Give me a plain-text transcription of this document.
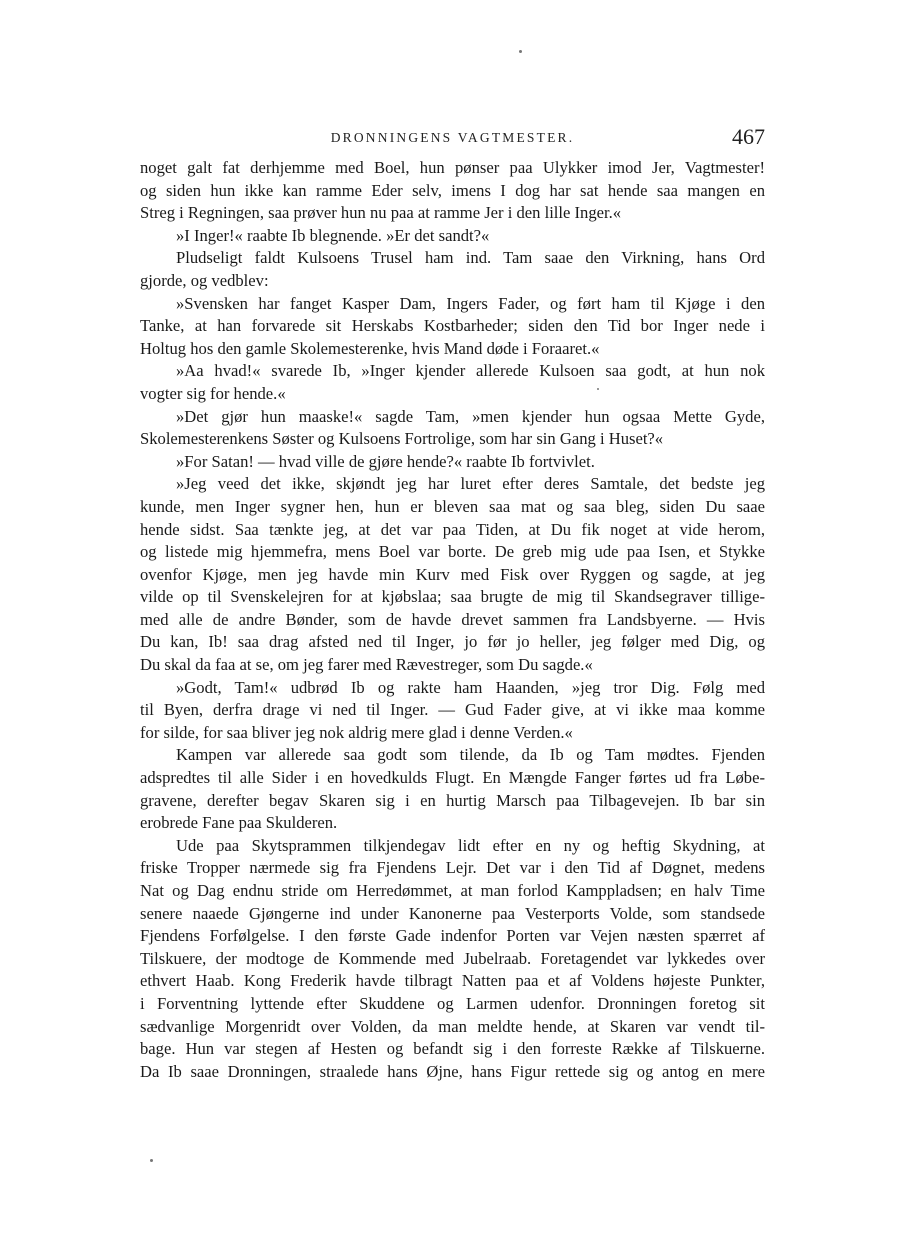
DRONNINGENS VAGTMESTER.	467
noget galt fat derhjemme med Boel, hun pønser paa Ulykker imod Jer, Vagtmester!
og siden hun ikke kan ramme Eder selv, imens I dog har sat hende saa mangen en
Streg i Regningen, saa prøver hun nu paa at ramme Jer i den lille Inger.«
»I Inger!« raabte Ib blegnende. »Er det sandt?«
Pludseligt faldt Kulsoens Trusel ham ind. Tam saae den Virkning, hans Ord
gjorde, og vedblev:
»Svensken har fanget Kasper Dam, Ingers Fader, og ført ham til Kjøge i den
Tanke, at han forvarede sit Herskabs Kostbarheder; siden den Tid bor Inger nede i
Holtug hos den gamle Skolemesterenke, hvis Mand døde i Foraaret.«
»Aa hvad!« svarede Ib, »Inger kjender allerede Kulsoen saa godt, at hun nok
vogter sig for hende.«
»Det gjør hun maaske!« sagde Tam, »men kjender hun ogsaa Mette Gyde,
Skolemesterenkens Søster og Kulsoens Fortrolige, som har sin Gang i Huset?«
»For Satan! — hvad ville de gjøre hende?« raabte Ib fortvivlet.
»Jeg veed det ikke, skjøndt jeg har luret efter deres Samtale, det bedste jeg
kunde, men Inger sygner hen, hun er bleven saa mat og saa bleg, siden Du saae
hende sidst. Saa tænkte jeg, at det var paa Tiden, at Du fik noget at vide herom,
og listede mig hjemmefra, mens Boel var borte. De greb mig ude paa Isen, et Stykke
ovenfor Kjøge, men jeg havde min Kurv med Fisk over Ryggen og sagde, at jeg
vilde op til Svenskelejren for at kjøbslaa; saa brugte de mig til Skandsegraver tillige-
med alle de andre Bønder, som de havde drevet sammen fra Landsbyerne. — Hvis
Du kan, Ib! saa drag afsted ned til Inger, jo før jo heller, jeg følger med Dig, og
Du skal da faa at se, om jeg farer med Rævestreger, som Du sagde.«
»Godt, Tam!« udbrød Ib og rakte ham Haanden, »jeg tror Dig. Følg med
til Byen, derfra drage vi ned til Inger. — Gud Fader give, at vi ikke maa komme
for silde, for saa bliver jeg nok aldrig mere glad i denne Verden.«
Kampen var allerede saa godt som tilende, da Ib og Tam mødtes. Fjenden
adspredtes til alle Sider i en hovedkulds Flugt. En Mængde Fanger førtes ud fra Løbe-
gravene, derefter begav Skaren sig i en hurtig Marsch paa Tilbagevejen. Ib bar sin
erobrede Fane paa Skulderen.
Ude paa Skytsprammen tilkjendegav lidt efter en ny og heftig Skydning, at
friske Tropper nærmede sig fra Fjendens Lejr. Det var i den Tid af Døgnet, medens
Nat og Dag endnu stride om Herredømmet, at man forlod Kamppladsen; en halv Time
senere naaede Gjøngerne ind under Kanonerne paa Vesterports Volde, som standsede
Fjendens Forfølgelse. I den første Gade indenfor Porten var Vejen næsten spærret af
Tilskuere, der modtoge de Kommende med Jubelraab. Foretagendet var lykkedes over
ethvert Haab. Kong Frederik havde tilbragt Natten paa et af Voldens højeste Punkter,
i Forventning lyttende efter Skuddene og Larmen udenfor. Dronningen foretog sit
sædvanlige Morgenridt over Volden, da man meldte hende, at Skaren var vendt til-
bage. Hun var stegen af Hesten og befandt sig i den forreste Række af Tilskuerne.
Da Ib saae Dronningen, straalede hans Øjne, hans Figur rettede sig og antog en mere
